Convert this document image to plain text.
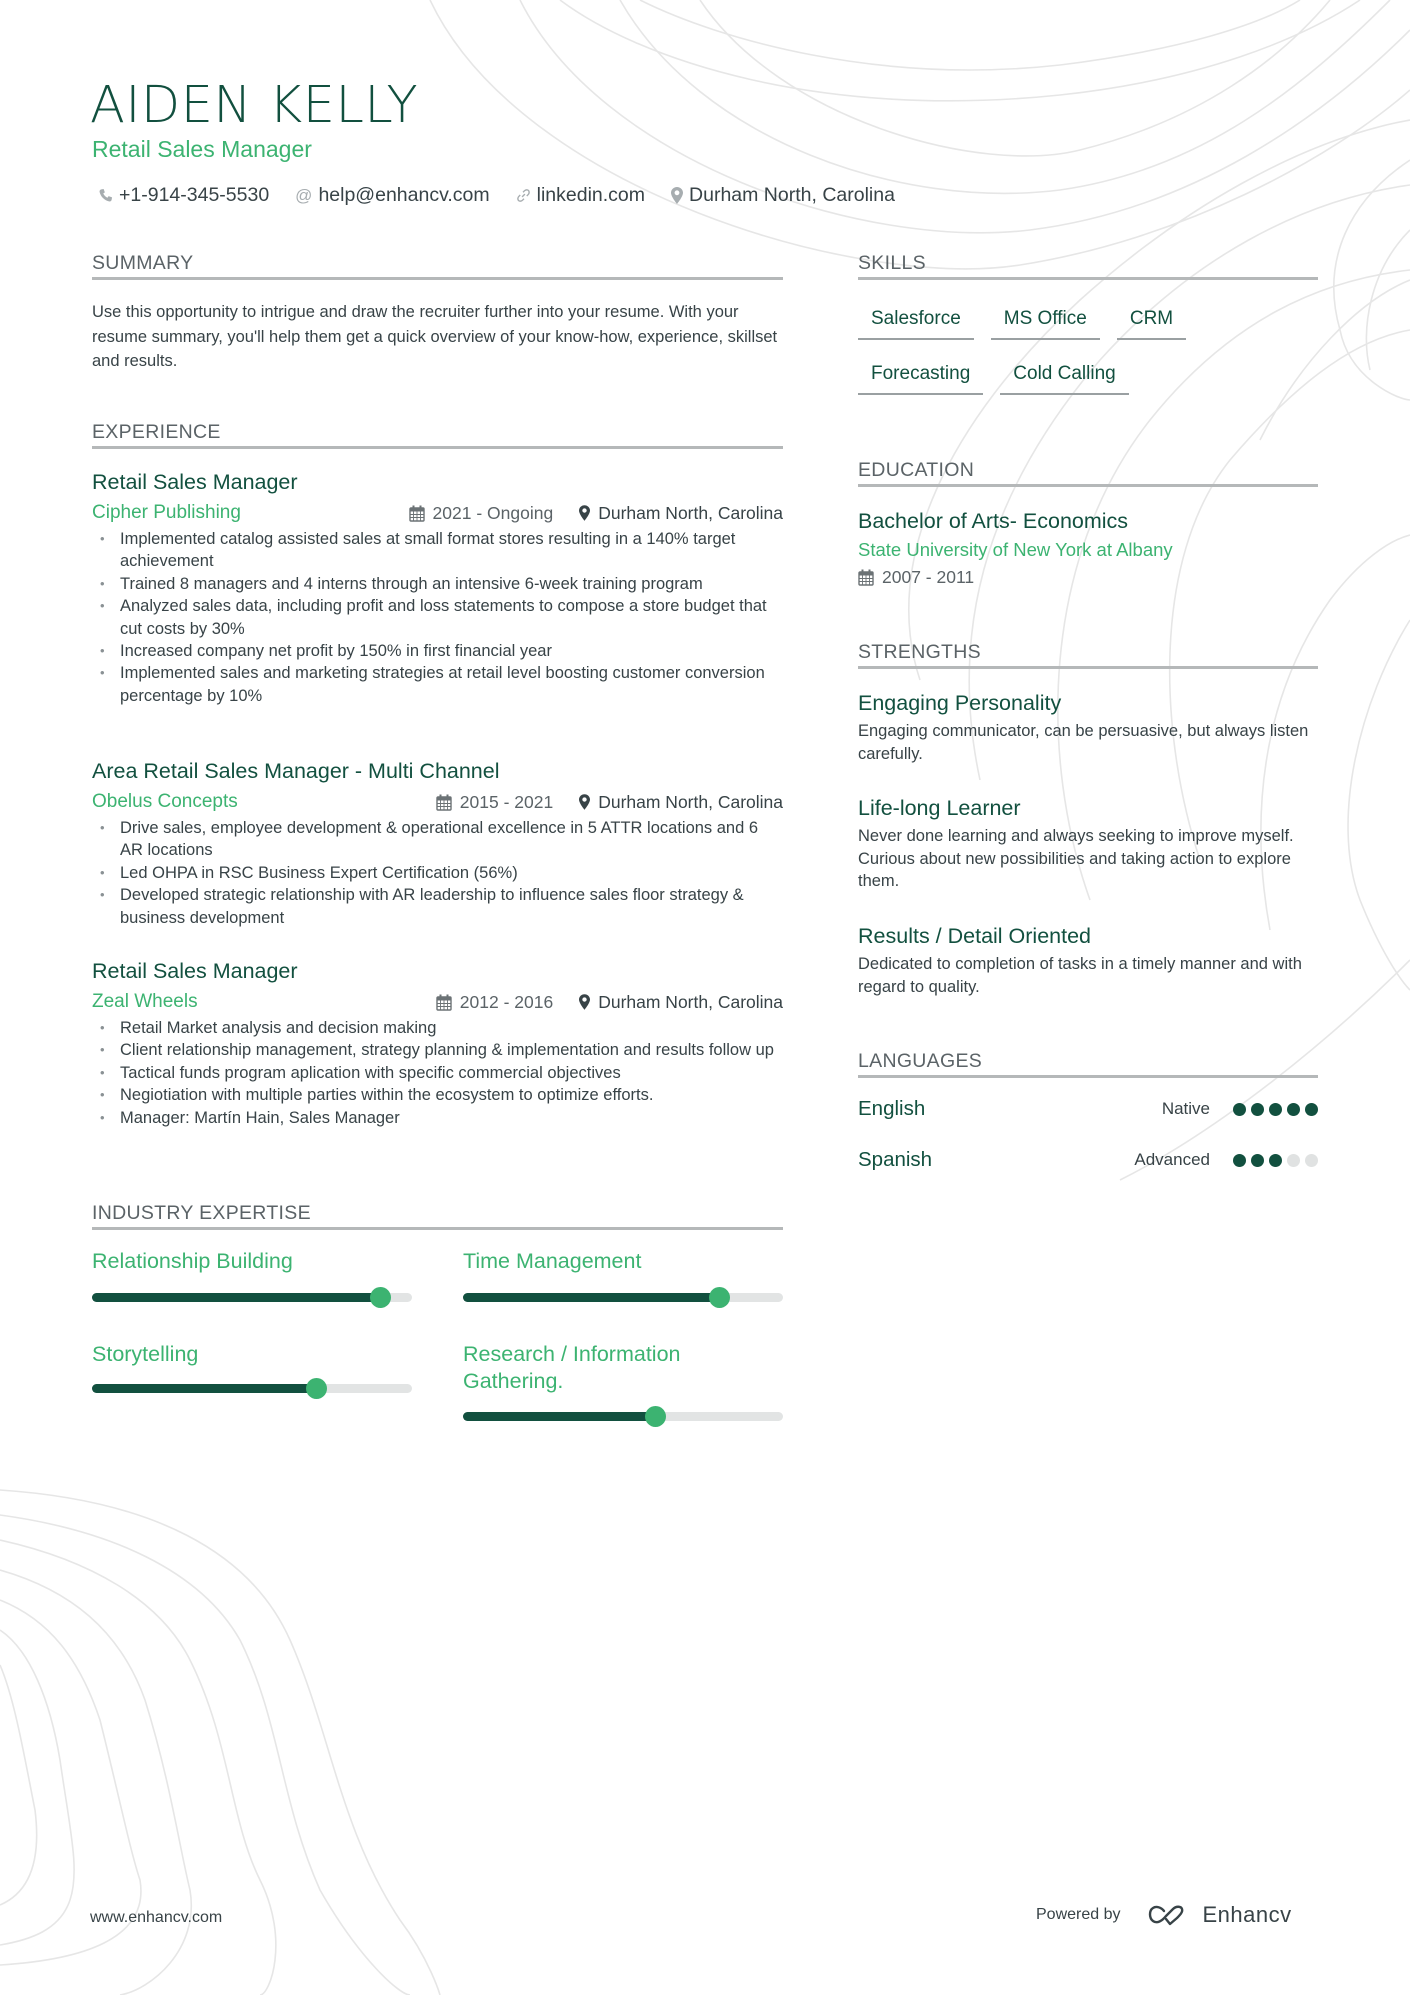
AIDEN KELLY
Retail Sales Manager
+1-914-345-5530 @ help@enhancv.com linkedin.com Durham North, Carolina
SUMMARY
Use this opportunity to intrigue and draw the recruiter further into your resume. With your resume summary, you'll help them get a quick overview of your know-how, experience, skillset and results.
EXPERIENCE
Retail Sales Manager
Cipher Publishing	2021 - Ongoing	Durham North, Carolina
• Implemented catalog assisted sales at small format stores resulting in a 140% target achievement
• Trained 8 managers and 4 interns through an intensive 6-week training program
• Analyzed sales data, including profit and loss statements to compose a store budget that cut costs by 30%
• Increased company net profit by 150% in first financial year
• Implemented sales and marketing strategies at retail level boosting customer conversion percentage by 10%
Area Retail Sales Manager - Multi Channel
Obelus Concepts	2015 - 2021	Durham North, Carolina
• Drive sales, employee development & operational excellence in 5 ATTR locations and 6 AR locations
• Led OHPA in RSC Business Expert Certification (56%)
• Developed strategic relationship with AR leadership to influence sales floor strategy & business development
Retail Sales Manager
Zeal Wheels	2012 - 2016	Durham North, Carolina
• Retail Market analysis and decision making
• Client relationship management, strategy planning & implementation and results follow up
• Tactical funds program aplication with specific commercial objectives
• Negiotiation with multiple parties within the ecosystem to optimize efforts.
• Manager: Martín Hain, Sales Manager
INDUSTRY EXPERTISE
Relationship Building	Time Management
Storytelling	Research / Information Gathering.
SKILLS
Salesforce	MS Office	CRM
Forecasting	Cold Calling
EDUCATION
Bachelor of Arts- Economics
State University of New York at Albany
2007 - 2011
STRENGTHS
Engaging Personality
Engaging communicator, can be persuasive, but always listen carefully.
Life-long Learner
Never done learning and always seeking to improve myself. Curious about new possibilities and taking action to explore them.
Results / Detail Oriented
Dedicated to completion of tasks in a timely manner and with regard to quality.
LANGUAGES
English	Native
Spanish	Advanced
www.enhancv.com	Powered by	Enhancv
